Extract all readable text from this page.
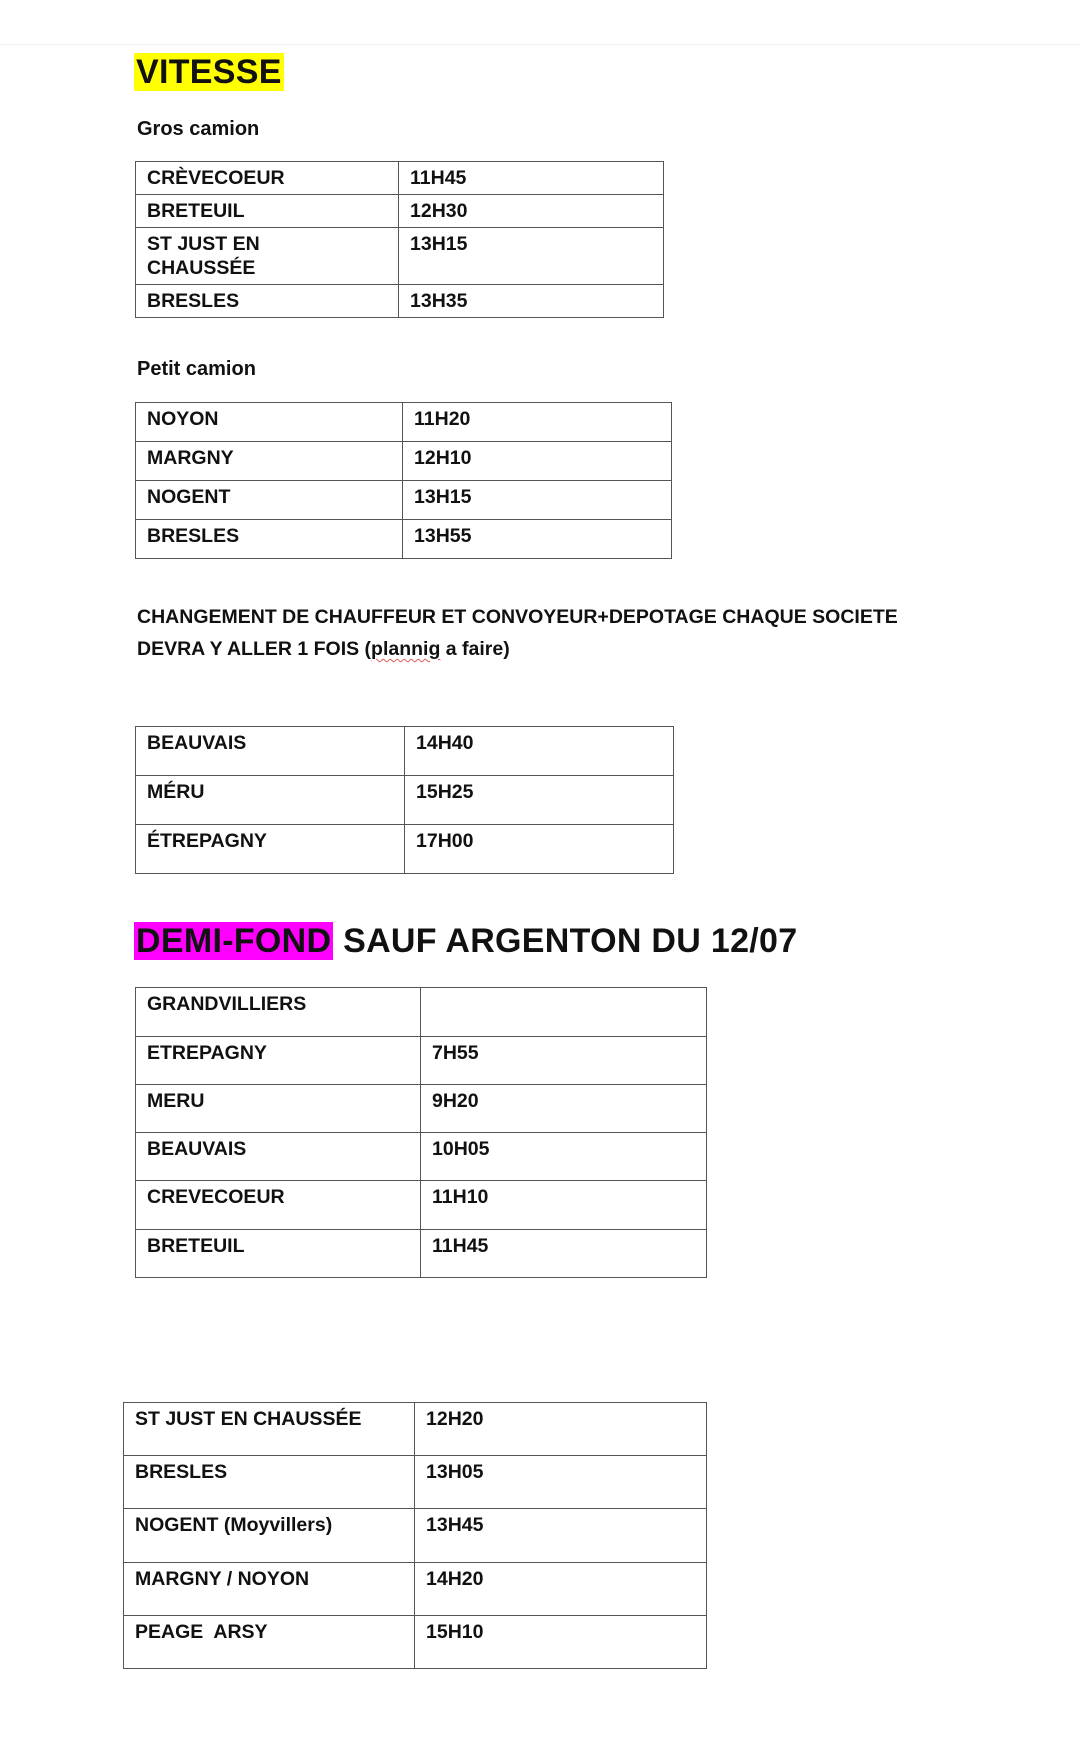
VITESSE
Gros camion
CRÈVECOEUR	11H45
BRETEUIL	12H30
ST JUST EN CHAUSSÉE	13H15
BRESLES	13H35
Petit camion
NOYON	11H20
MARGNY	12H10
NOGENT	13H15
BRESLES	13H55
CHANGEMENT DE CHAUFFEUR ET CONVOYEUR+DEPOTAGE CHAQUE SOCIETE
DEVRA Y ALLER 1 FOIS (plannig a faire)
BEAUVAIS	14H40
MÉRU	15H25
ÉTREPAGNY	17H00
DEMI-FOND SAUF ARGENTON DU 12/07
GRANDVILLIERS	
ETREPAGNY	7H55
MERU	9H20
BEAUVAIS	10H05
CREVECOEUR	11H10
BRETEUIL	11H45
ST JUST EN CHAUSSÉE	12H20
BRESLES	13H05
NOGENT (Moyvillers)	13H45
MARGNY / NOYON	14H20
PEAGE  ARSY	15H10
